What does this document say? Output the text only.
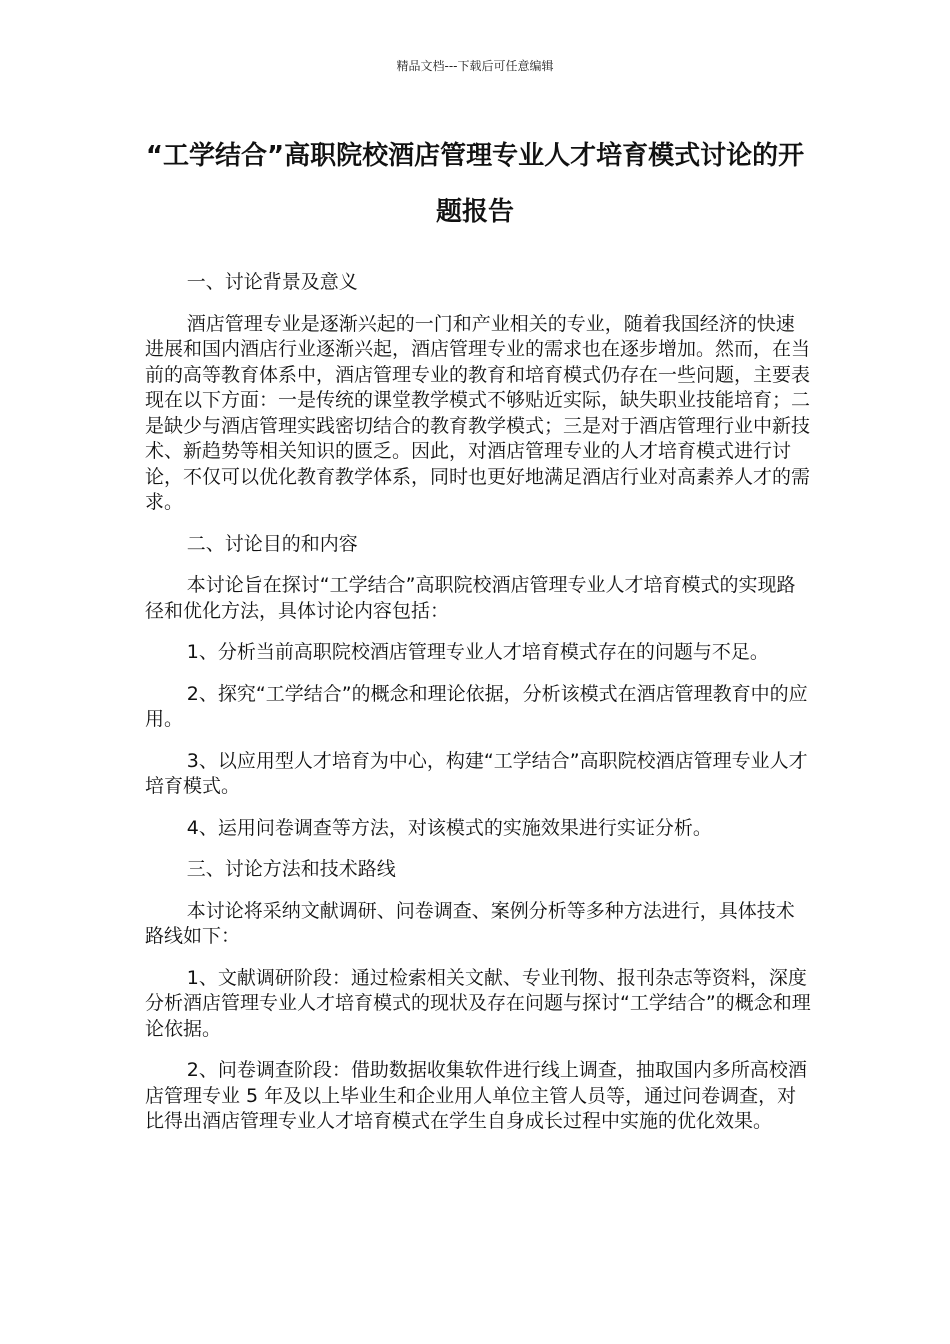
精品文档---下载后可任意编辑
“工学结合”高职院校酒店管理专业人才培育模式讨论的开题报告
一、讨论背景及意义
酒店管理专业是逐渐兴起的一门和产业相关的专业，随着我国经济的快速进展和国内酒店行业逐渐兴起，酒店管理专业的需求也在逐步增加。然而，在当前的高等教育体系中，酒店管理专业的教育和培育模式仍存在一些问题，主要表现在以下方面：一是传统的课堂教学模式不够贴近实际，缺失职业技能培育；二是缺少与酒店管理实践密切结合的教育教学模式；三是对于酒店管理行业中新技术、新趋势等相关知识的匮乏。因此，对酒店管理专业的人才培育模式进行讨论，不仅可以优化教育教学体系，同时也更好地满足酒店行业对高素养人才的需求。
二、讨论目的和内容
本讨论旨在探讨“工学结合”高职院校酒店管理专业人才培育模式的实现路径和优化方法，具体讨论内容包括：
1、分析当前高职院校酒店管理专业人才培育模式存在的问题与不足。
2、探究“工学结合”的概念和理论依据，分析该模式在酒店管理教育中的应用。
3、以应用型人才培育为中心，构建“工学结合”高职院校酒店管理专业人才培育模式。
4、运用问卷调查等方法，对该模式的实施效果进行实证分析。
三、讨论方法和技术路线
本讨论将采纳文献调研、问卷调查、案例分析等多种方法进行，具体技术路线如下：
1、文献调研阶段：通过检索相关文献、专业刊物、报刊杂志等资料，深度分析酒店管理专业人才培育模式的现状及存在问题与探讨“工学结合”的概念和理论依据。
2、问卷调查阶段：借助数据收集软件进行线上调查，抽取国内多所高校酒店管理专业 5 年及以上毕业生和企业用人单位主管人员等，通过问卷调查，对比得出酒店管理专业人才培育模式在学生自身成长过程中实施的优化效果。
